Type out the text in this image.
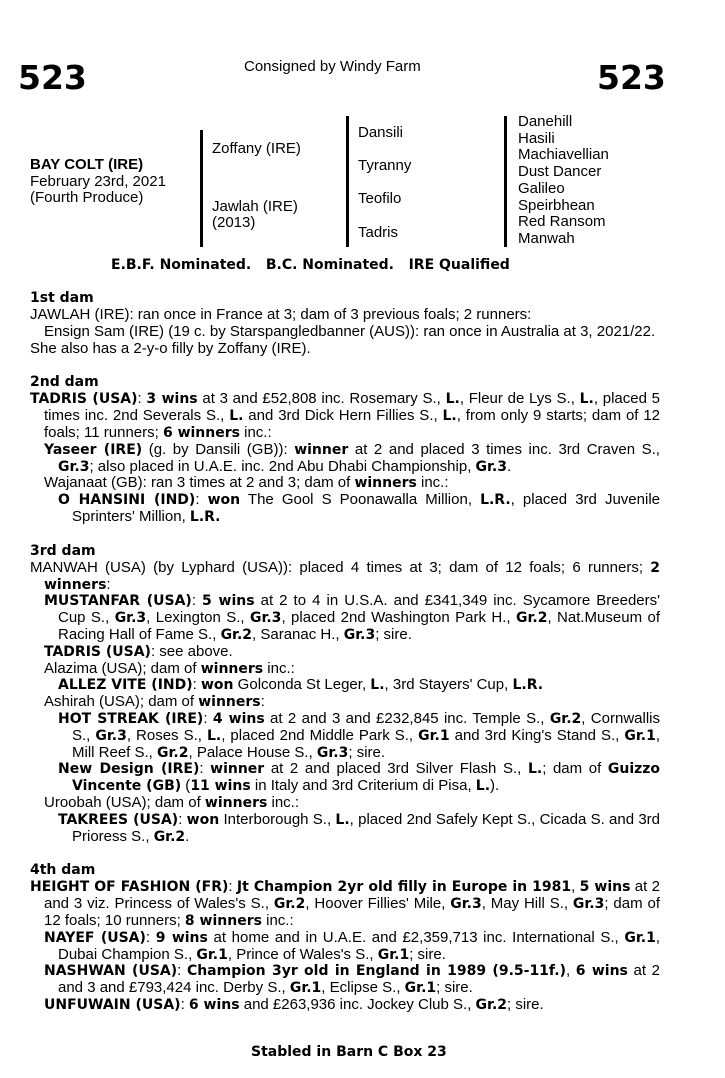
523	Consigned by Windy Farm	523
BAY COLT (IRE)
February 23rd, 2021
(Fourth Produce)
Zoffany (IRE)
Jawlah (IRE)
(2013)
Dansili
Tyranny
Teofilo
Tadris
Danehill
Hasili
Machiavellian
Dust Dancer
Galileo
Speirbhean
Red Ransom
Manwah
E.B.F. Nominated.   B.C. Nominated.   IRE Qualified
1st dam
JAWLAH (IRE): ran once in France at 3; dam of 3 previous foals; 2 runners:
Ensign Sam (IRE) (19 c. by Starspangledbanner (AUS)): ran once in Australia at 3, 2021/22.
She also has a 2-y-o filly by Zoffany (IRE).
2nd dam
TADRIS (USA): 3 wins at 3 and £52,808 inc. Rosemary S., L., Fleur de Lys S., L., placed 5 times inc. 2nd Severals S., L. and 3rd Dick Hern Fillies S., L., from only 9 starts; dam of 12 foals; 11 runners; 6 winners inc.:
Yaseer (IRE) (g. by Dansili (GB)): winner at 2 and placed 3 times inc. 3rd Craven S., Gr.3; also placed in U.A.E. inc. 2nd Abu Dhabi Championship, Gr.3.
Wajanaat (GB): ran 3 times at 2 and 3; dam of winners inc.:
O HANSINI (IND): won The Gool S Poonawalla Million, L.R., placed 3rd Juvenile Sprinters' Million, L.R.
3rd dam
MANWAH (USA) (by Lyphard (USA)): placed 4 times at 3; dam of 12 foals; 6 runners; 2 winners:
MUSTANFAR (USA): 5 wins at 2 to 4 in U.S.A. and £341,349 inc. Sycamore Breeders' Cup S., Gr.3, Lexington S., Gr.3, placed 2nd Washington Park H., Gr.2, Nat.Museum of Racing Hall of Fame S., Gr.2, Saranac H., Gr.3; sire.
TADRIS (USA): see above.
Alazima (USA); dam of winners inc.:
ALLEZ VITE (IND): won Golconda St Leger, L., 3rd Stayers' Cup, L.R.
Ashirah (USA); dam of winners:
HOT STREAK (IRE): 4 wins at 2 and 3 and £232,845 inc. Temple S., Gr.2, Cornwallis S., Gr.3, Roses S., L., placed 2nd Middle Park S., Gr.1 and 3rd King's Stand S., Gr.1, Mill Reef S., Gr.2, Palace House S., Gr.3; sire.
New Design (IRE): winner at 2 and placed 3rd Silver Flash S., L.; dam of Guizzo Vincente (GB) (11 wins in Italy and 3rd Criterium di Pisa, L.).
Uroobah (USA); dam of winners inc.:
TAKREES (USA): won Interborough S., L., placed 2nd Safely Kept S., Cicada S. and 3rd Prioress S., Gr.2.
4th dam
HEIGHT OF FASHION (FR): Jt Champion 2yr old filly in Europe in 1981, 5 wins at 2 and 3 viz. Princess of Wales's S., Gr.2, Hoover Fillies' Mile, Gr.3, May Hill S., Gr.3; dam of 12 foals; 10 runners; 8 winners inc.:
NAYEF (USA): 9 wins at home and in U.A.E. and £2,359,713 inc. International S., Gr.1, Dubai Champion S., Gr.1, Prince of Wales's S., Gr.1; sire.
NASHWAN (USA): Champion 3yr old in England in 1989 (9.5-11f.), 6 wins at 2 and 3 and £793,424 inc. Derby S., Gr.1, Eclipse S., Gr.1; sire.
UNFUWAIN (USA): 6 wins and £263,936 inc. Jockey Club S., Gr.2; sire.
Stabled in Barn C Box 23
